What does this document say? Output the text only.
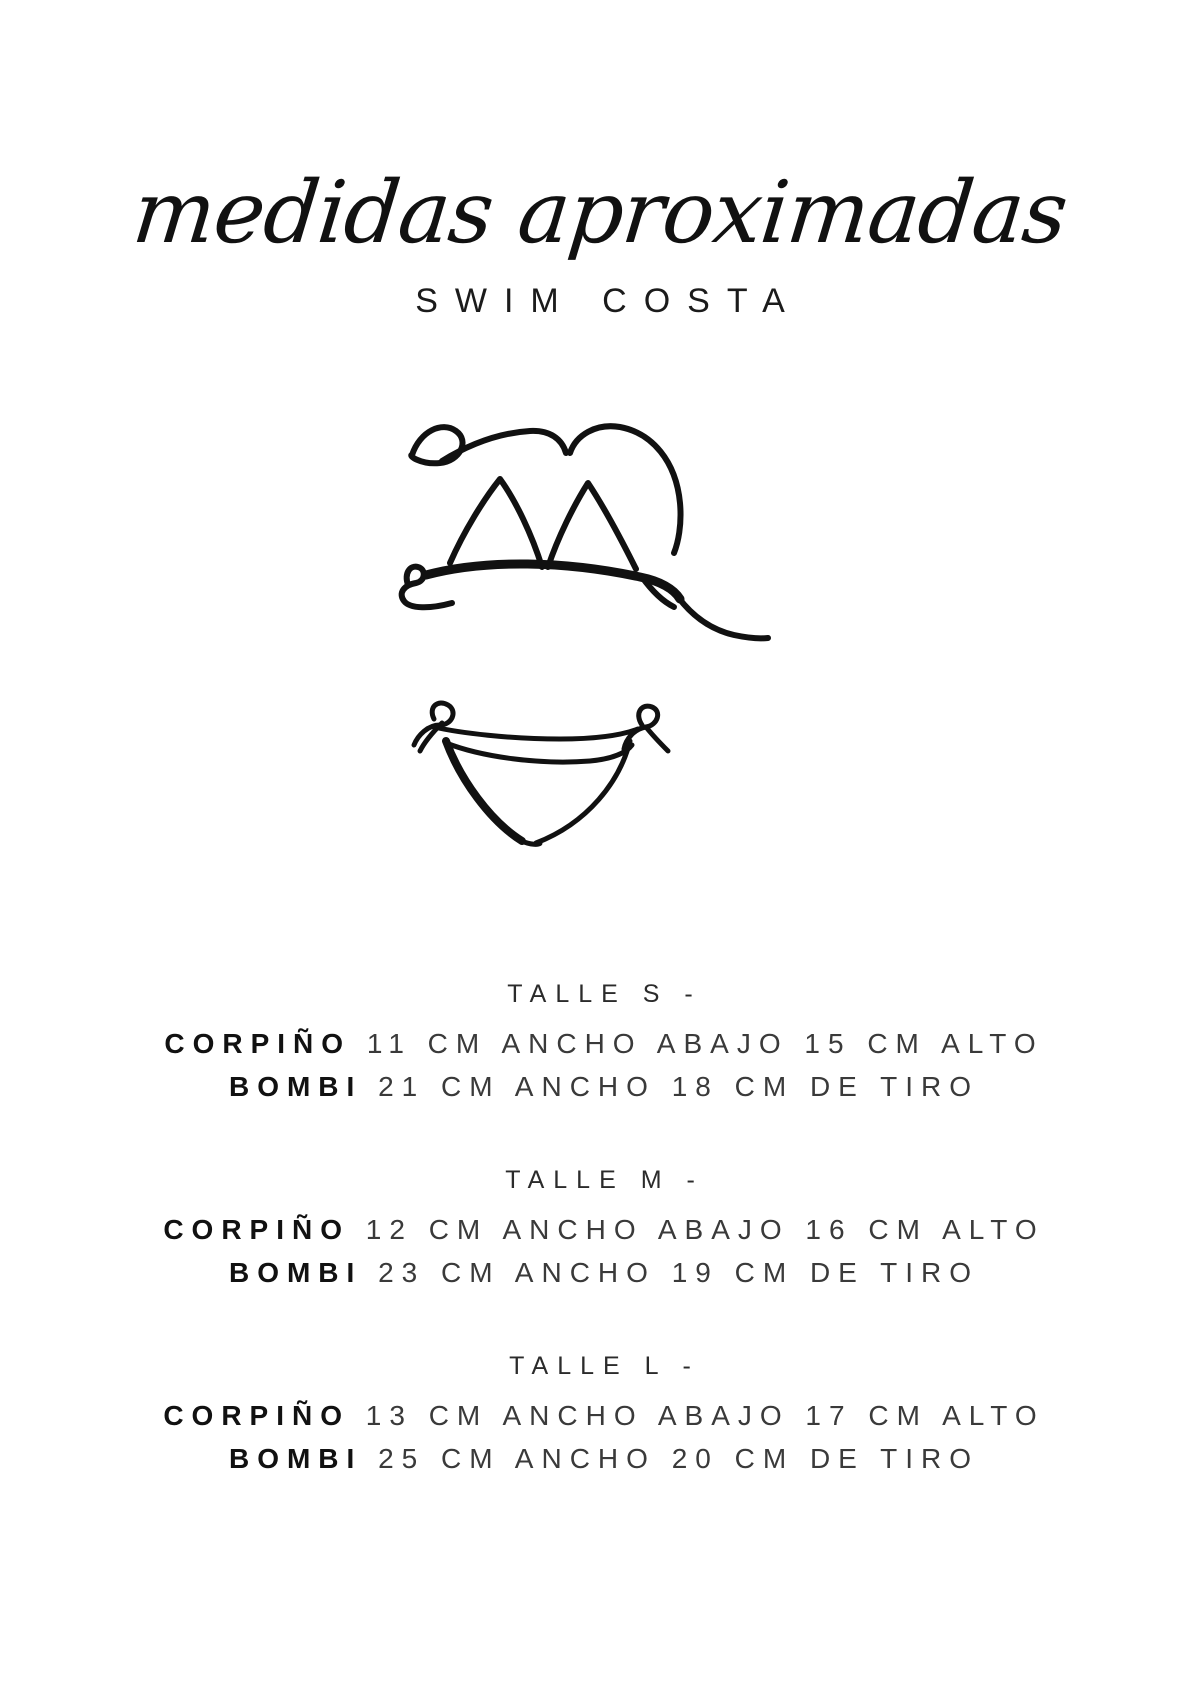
medidas aproximadas
SWIM COSTA
TALLE S -
CORPIÑO 11 CM ANCHO ABAJO 15 CM ALTO
BOMBI 21 CM ANCHO 18 CM DE TIRO
TALLE M -
CORPIÑO 12 CM ANCHO ABAJO 16 CM ALTO
BOMBI 23 CM ANCHO 19 CM DE TIRO
TALLE L -
CORPIÑO 13 CM ANCHO ABAJO 17 CM ALTO
BOMBI 25 CM ANCHO 20 CM DE TIRO
